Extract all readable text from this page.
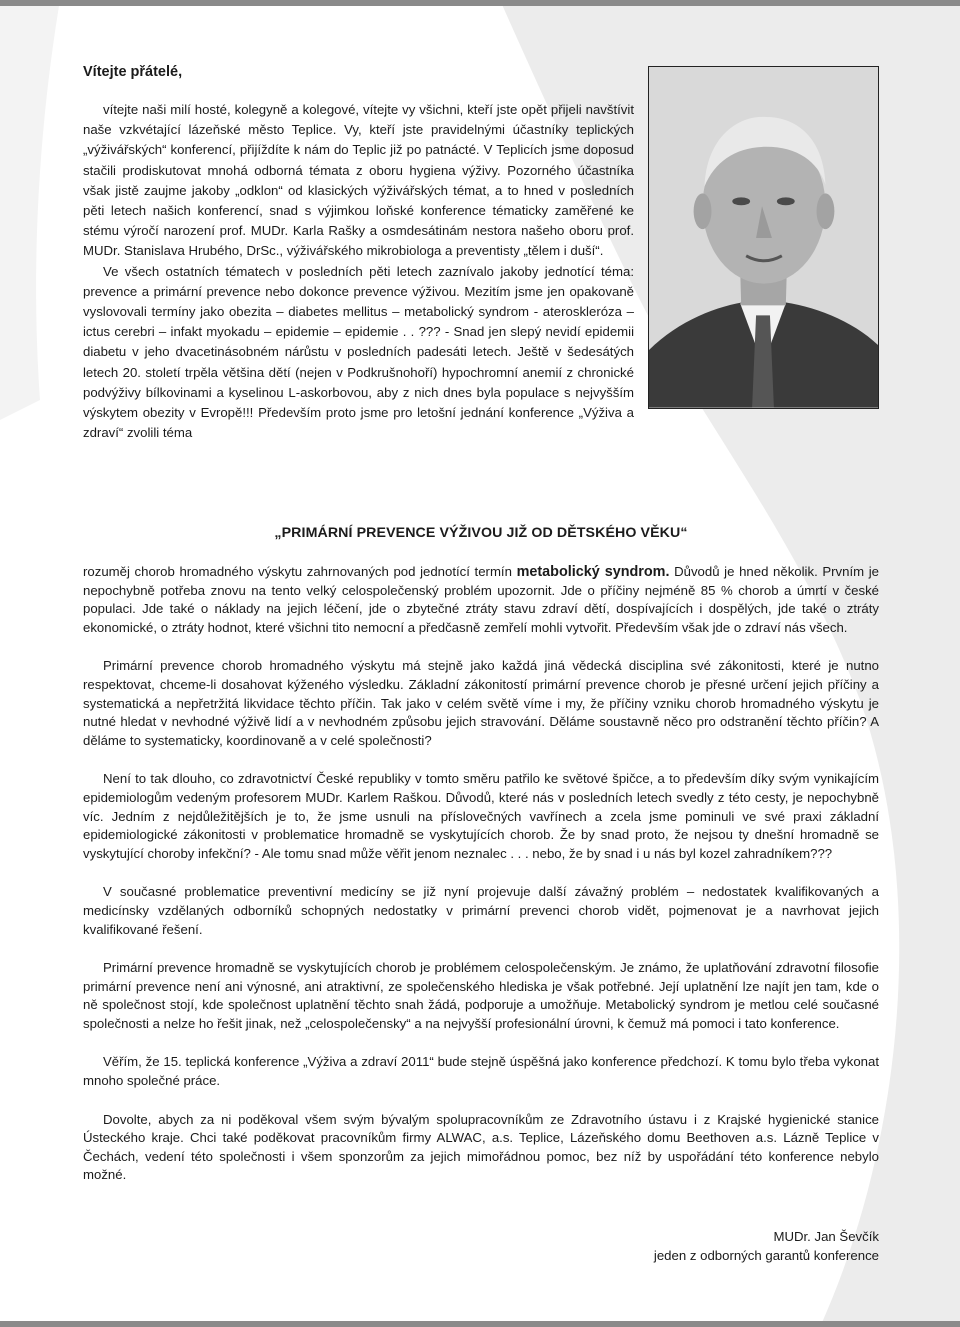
Vítejte přátelé,

vítejte naši milí hosté, kolegyně a kolegové, vítejte vy všichni, kteří jste opět přijeli navštívit naše vzkvétající lázeňské město Teplice. Vy, kteří jste pravidelnými účastníky teplických „výživářských“ konferencí, přijíždíte k nám do Teplic již po patnácté. V Teplicích jsme doposud stačili prodiskutovat mnohá odborná témata z oboru hygiena výživy. Pozorného účastníka však jistě zaujme jakoby „odklon“ od klasických výživářských témat, a to hned v posledních pěti letech našich konferencí, snad s výjimkou loňské konference tématicky zaměřené ke stému výročí narození prof. MUDr. Karla Rašky a osmdesátinám nestora našeho oboru prof. MUDr. Stanislava Hrubého, DrSc., výživářského mikrobiologa a preventisty „tělem i duší“.

Ve všech ostatních tématech v posledních pěti letech zaznívalo jakoby jednotící téma: prevence a primární prevence nebo dokonce prevence výživou. Mezitím jsme jen opakovaně vyslovovali termíny jako obezita – diabetes mellitus – metabolický syndrom - ateroskleróza – ictus cerebri – infakt myokadu – epidemie – epidemie . . ??? - Snad jen slepý nevidí epidemii diabetu v jeho dvacetinásobném nárůstu v posledních padesáti letech. Ještě v šedesátých letech 20. století trpěla většina dětí (nejen v Podkrušnohoří) hypochromní anemií z chronické podvýživy bílkovinami a kyselinou L-askorbovou, aby z nich dnes byla populace s nejvyšším výskytem obezity v Evropě!!! Především proto jsme pro letošní jednání konference „Výživa a zdraví“ zvolili téma

„PRIMÁRNÍ PREVENCE VÝŽIVOU JIŽ OD DĚTSKÉHO VĚKU“

rozuměj chorob hromadného výskytu zahrnovaných pod jednotící termín metabolický syndrom. Důvodů je hned několik. Prvním je nepochybně potřeba znovu na tento velký celospolečenský problém upozornit. Jde o příčiny nejméně 85 % chorob a úmrtí v české populaci. Jde také o náklady na jejich léčení, jde o zbytečné ztráty stavu zdraví dětí, dospívajících i dospělých, jde také o ztráty ekonomické, o ztráty hodnot, které všichni tito nemocní a předčasně zemřelí mohli vytvořit. Především však jde o zdraví nás všech.

Primární prevence chorob hromadného výskytu má stejně jako každá jiná vědecká disciplina své zákonitosti, které je nutno respektovat, chceme-li dosahovat kýženého výsledku. Základní zákonitostí primární prevence chorob je přesné určení jejich příčiny a systematická a nepřetržitá likvidace těchto příčin. Tak jako v celém světě víme i my, že příčiny vzniku chorob hromadného výskytu je nutné hledat v nevhodné výživě lidí a v nevhodném způsobu jejich stravování. Děláme soustavně něco pro odstranění těchto příčin? A děláme to systematicky, koordinovaně a v celé společnosti?

Není to tak dlouho, co zdravotnictví České republiky v tomto směru patřilo ke světové špičce, a to především díky svým vynikajícím epidemiologům vedeným profesorem MUDr. Karlem Raškou. Důvodů, které nás v posledních letech svedly z této cesty, je nepochybně víc. Jedním z nejdůležitějších je to, že jsme usnuli na příslovečných vavřínech a zcela jsme pominuli ve své praxi základní epidemiologické zákonitosti v problematice hromadně se vyskytujících chorob. Že by snad proto, že nejsou ty dnešní hromadně se vyskytující choroby infekční? - Ale tomu snad může věřit jenom neznalec . . . nebo, že by snad i u nás byl kozel zahradníkem???

V současné problematice preventivní medicíny se již nyní projevuje další závažný problém – nedostatek kvalifikovaných a medicínsky vzdělaných odborníků schopných nedostatky v primární prevenci chorob vidět, pojmenovat je a navrhovat jejich kvalifikované řešení.

Primární prevence hromadně se vyskytujících chorob je problémem celospolečenským. Je známo, že uplatňování zdravotní filosofie primární prevence není ani výnosné, ani atraktivní, ze společenského hlediska je však potřebné. Její uplatnění lze najít jen tam, kde o ně společnost stojí, kde společnost uplatnění těchto snah žádá, podporuje a umožňuje. Metabolický syndrom je metlou celé současné společnosti a nelze ho řešit jinak, než „celospolečensky“ a na nejvyšší profesionální úrovni, k čemuž má pomoci i tato konference.

Věřím, že 15. teplická konference „Výživa a zdraví 2011“ bude stejně úspěšná jako konference předchozí. K tomu bylo třeba vykonat mnoho společné práce.

Dovolte, abych za ni poděkoval všem svým bývalým spolupracovníkům ze Zdravotního ústavu i z Krajské hygienické stanice Ústeckého kraje. Chci také poděkovat pracovníkům firmy ALWAC, a.s. Teplice, Lázeňského domu Beethoven a.s. Lázně Teplice v Čechách, vedení této společnosti i všem sponzorům za jejich mimořádnou pomoc, bez níž by uspořádání této konference nebylo možné.

MUDr. Jan Ševčík
jeden z odborných garantů konference
